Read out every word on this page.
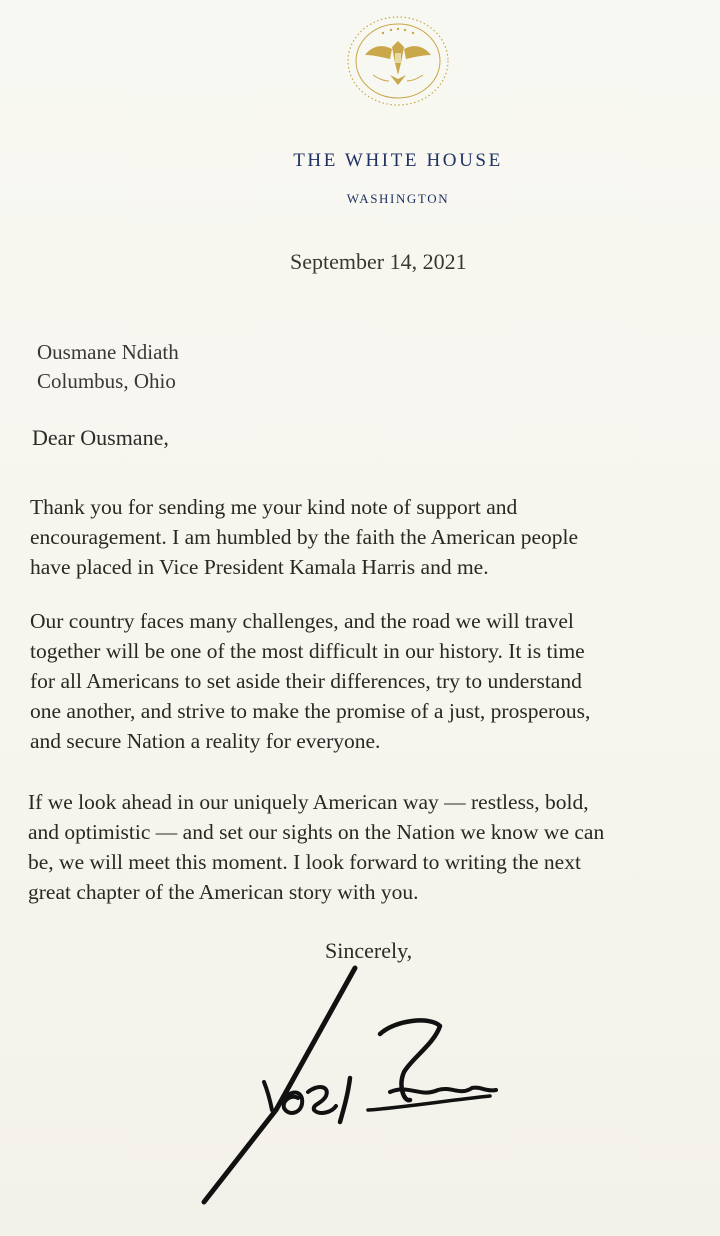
THE WHITE HOUSE
WASHINGTON
September 14, 2021
Ousmane Ndiath
Columbus, Ohio
Dear Ousmane,
Thank you for sending me your kind note of support and
encouragement. I am humbled by the faith the American people
have placed in Vice President Kamala Harris and me.
Our country faces many challenges, and the road we will travel
together will be one of the most difficult in our history. It is time
for all Americans to set aside their differences, try to understand
one another, and strive to make the promise of a just, prosperous,
and secure Nation a reality for everyone.
If we look ahead in our uniquely American way — restless, bold,
and optimistic — and set our sights on the Nation we know we can
be, we will meet this moment. I look forward to writing the next
great chapter of the American story with you.
Sincerely,
